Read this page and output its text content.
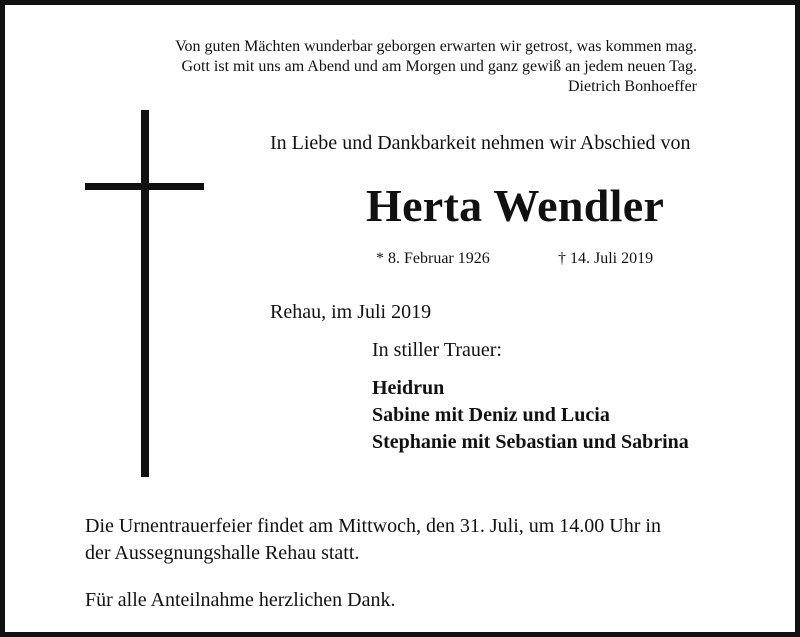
Von guten Mächten wunderbar geborgen erwarten wir getrost, was kommen mag.
Gott ist mit uns am Abend und am Morgen und ganz gewiß an jedem neuen Tag.
Dietrich Bonhoeffer
In Liebe und Dankbarkeit nehmen wir Abschied von
Herta Wendler
* 8. Februar 1926	† 14. Juli 2019
Rehau, im Juli 2019
In stiller Trauer:
Heidrun
Sabine mit Deniz und Lucia
Stephanie mit Sebastian und Sabrina
Die Urnentrauerfeier findet am Mittwoch, den 31. Juli, um 14.00 Uhr in
der Aussegnungshalle Rehau statt.
Für alle Anteilnahme herzlichen Dank.
